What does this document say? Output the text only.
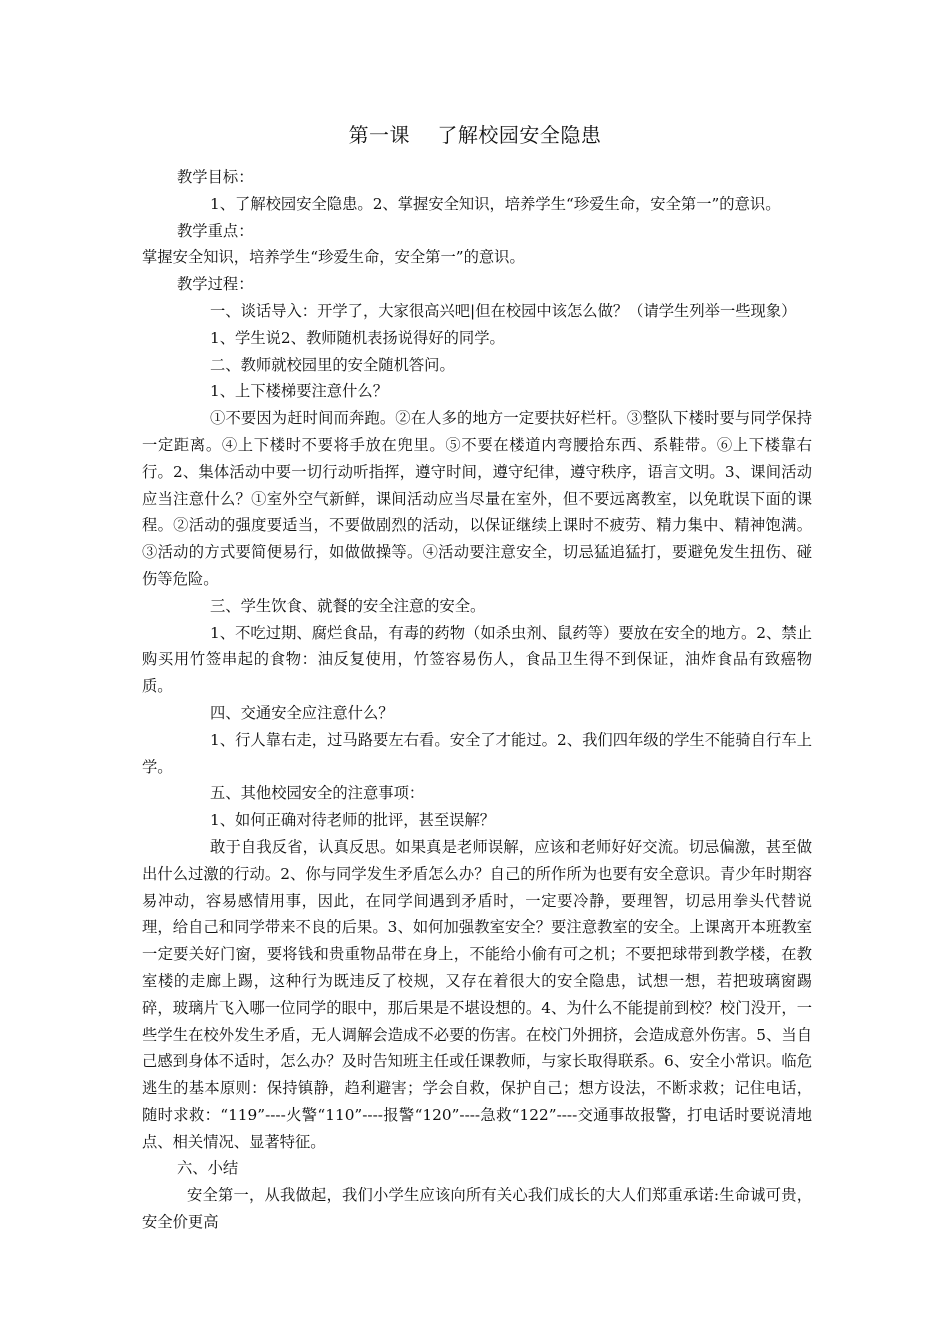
第一课　 了解校园安全隐患

教学目标：

1、了解校园安全隐患。2、掌握安全知识，培养学生“珍爱生命，安全第一”的意识。

教学重点：

掌握安全知识，培养学生“珍爱生命，安全第一”的意识。

教学过程：

一、谈话导入：开学了，大家很高兴吧|但在校园中该怎么做？（请学生列举一些现象）

1、学生说2、教师随机表扬说得好的同学。

二、教师就校园里的安全随机答问。

1、上下楼梯要注意什么？

①不要因为赶时间而奔跑。②在人多的地方一定要扶好栏杆。③整队下楼时要与同学保持一定距离。④上下楼时不要将手放在兜里。⑤不要在楼道内弯腰拾东西、系鞋带。⑥上下楼靠右行。2、集体活动中要一切行动听指挥，遵守时间，遵守纪律，遵守秩序，语言文明。3、课间活动应当注意什么？①室外空气新鲜，课间活动应当尽量在室外，但不要远离教室，以免耽误下面的课程。②活动的强度要适当，不要做剧烈的活动，以保证继续上课时不疲劳、精力集中、精神饱满。③活动的方式要简便易行，如做做操等。④活动要注意安全，切忌猛追猛打，要避免发生扭伤、碰伤等危险。

三、学生饮食、就餐的安全注意的安全。

1、不吃过期、腐烂食品，有毒的药物（如杀虫剂、鼠药等）要放在安全的地方。2、禁止购买用竹签串起的食物：油反复使用，竹签容易伤人，食品卫生得不到保证，油炸食品有致癌物质。

四、交通安全应注意什么？

1、行人靠右走，过马路要左右看。安全了才能过。2、我们四年级的学生不能骑自行车上学。

五、其他校园安全的注意事项：

1、如何正确对待老师的批评，甚至误解？

敢于自我反省，认真反思。如果真是老师误解，应该和老师好好交流。切忌偏激，甚至做出什么过激的行动。2、你与同学发生矛盾怎么办？自己的所作所为也要有安全意识。青少年时期容易冲动，容易感情用事，因此，在同学间遇到矛盾时，一定要冷静，要理智，切忌用拳头代替说理，给自己和同学带来不良的后果。3、如何加强教室安全？要注意教室的安全。上课离开本班教室一定要关好门窗，要将钱和贵重物品带在身上，不能给小偷有可之机；不要把球带到教学楼，在教室楼的走廊上踢，这种行为既违反了校规，又存在着很大的安全隐患，试想一想，若把玻璃窗踢碎，玻璃片飞入哪一位同学的眼中，那后果是不堪设想的。4、为什么不能提前到校？校门没开，一些学生在校外发生矛盾，无人调解会造成不必要的伤害。在校门外拥挤，会造成意外伤害。5、当自己感到身体不适时，怎么办？及时告知班主任或任课教师，与家长取得联系。6、安全小常识。临危逃生的基本原则：保持镇静，趋利避害；学会自救，保护自己；想方设法，不断求救；记住电话，随时求救：“119”----火警“110”----报警“120”----急救“122”----交通事故报警，打电话时要说清地点、相关情况、显著特征。

六、小结

安全第一，从我做起，我们小学生应该向所有关心我们成长的大人们郑重承诺:生命诚可贵，安全价更高
